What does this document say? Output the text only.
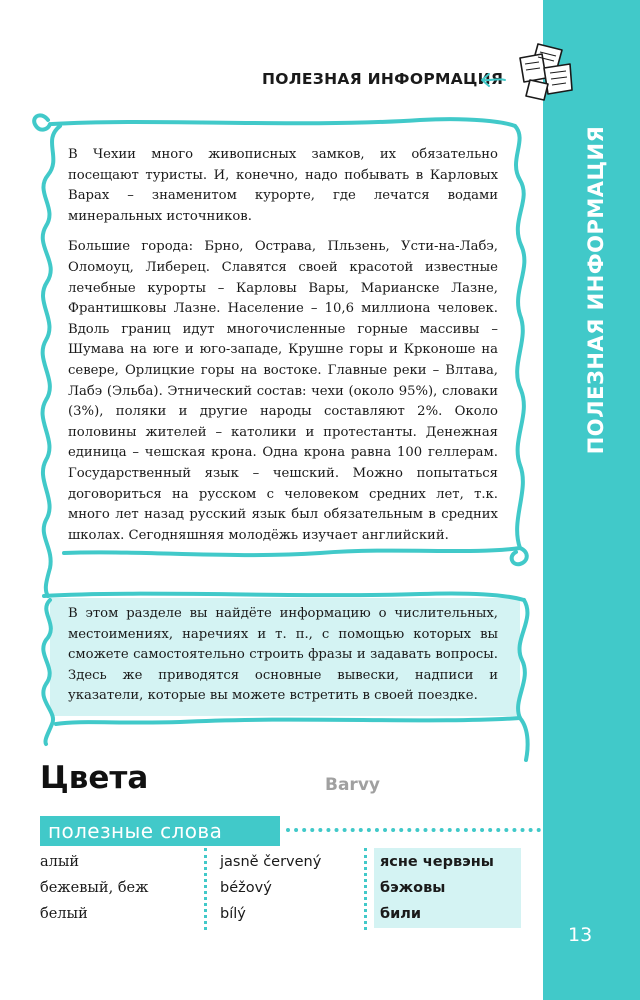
ПОЛЕЗНАЯ ИНФОРМАЦИЯ
13
ПОЛЕЗНАЯ ИНФОРМАЦИЯ

В Чехии много живописных замков, их обязательно посещают туристы. И, конечно, надо побывать в Карловых Варах – знаменитом курорте, где лечатся водами минеральных источников.

Большие города: Брно, Острава, Пльзень, Усти-на-Лабэ, Оломоуц, Либерец. Славятся своей красотой известные лечебные курорты – Карловы Вары, Марианске Лазне, Франтишковы Лазне. Население – 10,6 миллиона человек. Вдоль границ идут многочисленные горные массивы – Шумава на юге и юго-западе, Крушне горы и Крконоше на севере, Орлицкие горы на востоке. Главные реки – Влтава, Лабэ (Эльба). Этнический состав: чехи (около 95%), словаки (3%), поляки и другие народы составляют 2%. Около половины жителей – католики и протестанты. Денежная единица – чешская крона. Одна крона равна 100 геллерам. Государственный язык – чешский. Можно попытаться договориться на русском с человеком средних лет, т.к. много лет назад русский язык был обязательным в средних школах. Сегодняшняя молодёжь изучает английский.

В этом разделе вы найдёте информацию о числительных, местоимениях, наречиях и т. п., с помощью которых вы сможете самостоятельно строить фразы и задавать вопросы. Здесь же приводятся основные вывески, надписи и указатели, которые вы можете встретить в своей поездке.
Цвета	Barvy
полезные слова
алый	jasně červený	ясне червэны
бежевый, беж	béžový	бэжовы
белый	bílý	били
